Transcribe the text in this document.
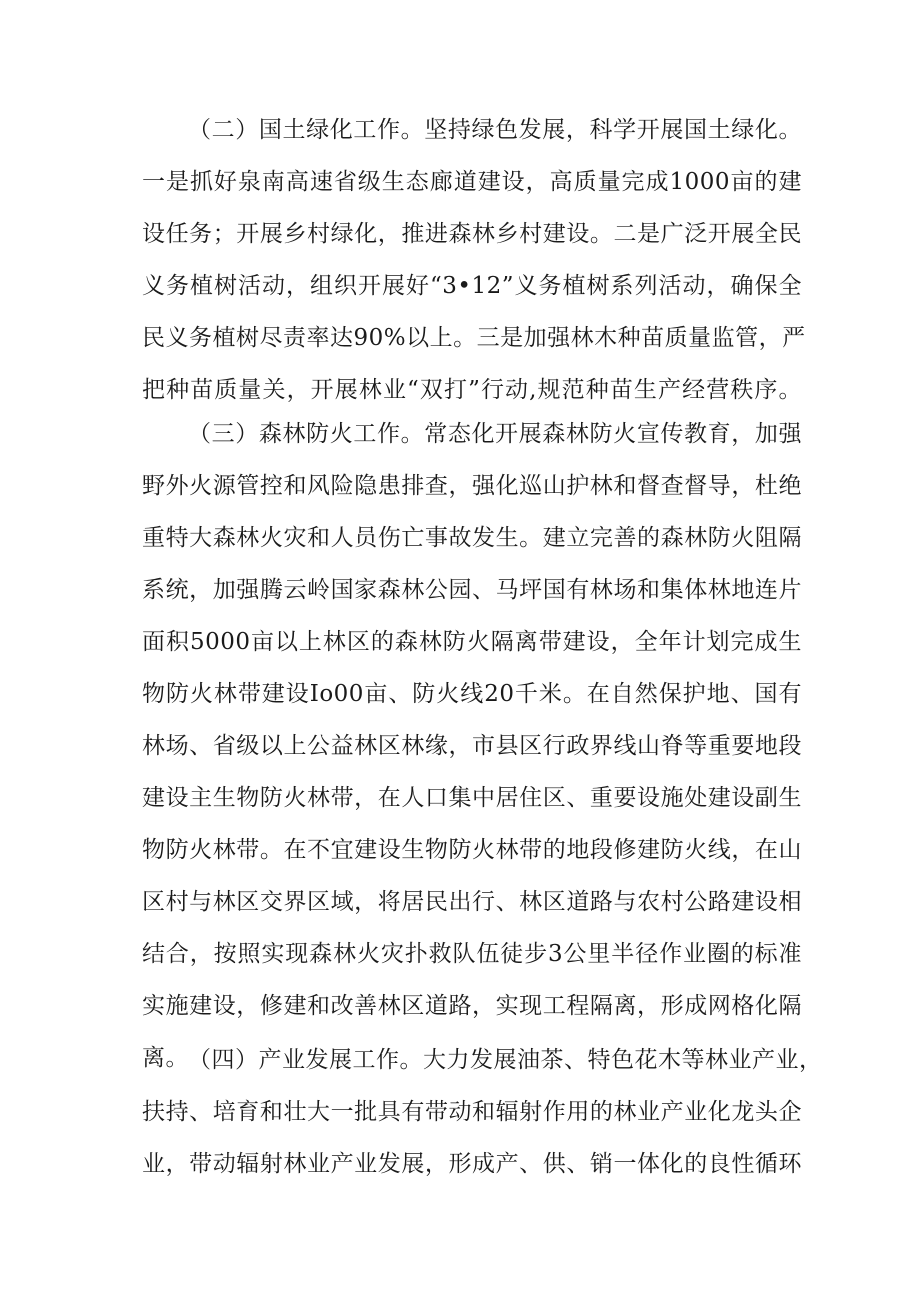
（二）国土绿化工作。坚持绿色发展，科学开展国土绿化。
一是抓好泉南高速省级生态廊道建设，高质量完成1000亩的建
设任务；开展乡村绿化，推进森林乡村建设。二是广泛开展全民
义务植树活动，组织开展好“3•12”义务植树系列活动，确保全
民义务植树尽责率达90%以上。三是加强林木种苗质量监管，严
把种苗质量关，开展林业“双打”行动,规范种苗生产经营秩序。
（三）森林防火工作。常态化开展森林防火宣传教育，加强
野外火源管控和风险隐患排查，强化巡山护林和督查督导，杜绝
重特大森林火灾和人员伤亡事故发生。建立完善的森林防火阻隔
系统，加强腾云岭国家森林公园、马坪国有林场和集体林地连片
面积5000亩以上林区的森林防火隔离带建设，全年计划完成生
物防火林带建设Io00亩、防火线20千米。在自然保护地、国有
林场、省级以上公益林区林缘，市县区行政界线山脊等重要地段
建设主生物防火林带，在人口集中居住区、重要设施处建设副生
物防火林带。在不宜建设生物防火林带的地段修建防火线，在山
区村与林区交界区域，将居民出行、林区道路与农村公路建设相
结合，按照实现森林火灾扑救队伍徒步3公里半径作业圈的标准
实施建设，修建和改善林区道路，实现工程隔离，形成网格化隔
离。 （四）产业发展工作。大力发展油茶、特色花木等林业产业，
扶持、培育和壮大一批具有带动和辐射作用的林业产业化龙头企
业，带动辐射林业产业发展，形成产、供、销一体化的良性循环
